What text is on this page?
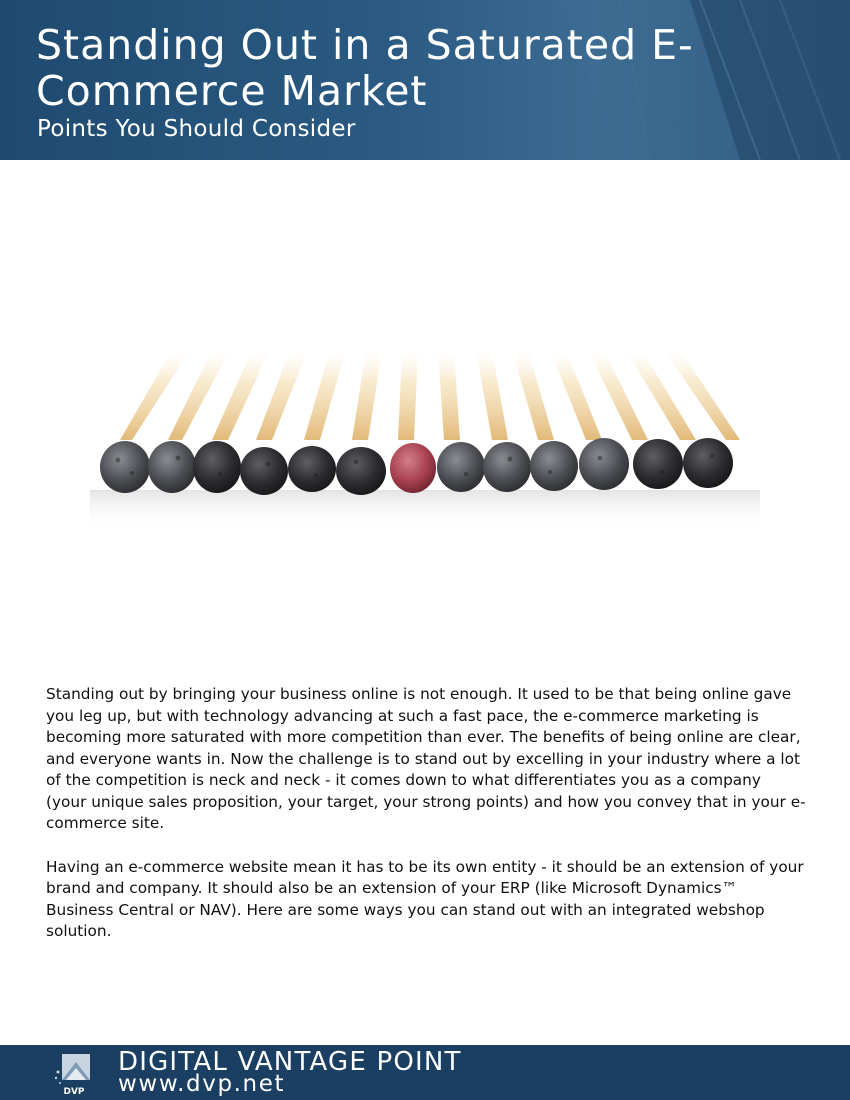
Standing Out in a Saturated E-Commerce Market
Points You Should Consider

Standing out by bringing your business online is not enough. It used to be that being online gave you leg up, but with technology advancing at such a fast pace, the e-commerce marketing is becoming more saturated with more competition than ever. The benefits of being online are clear, and everyone wants in. Now the challenge is to stand out by excelling in your industry where a lot of the competition is neck and neck - it comes down to what differentiates you as a company (your unique sales proposition, your target, your strong points) and how you convey that in your e-commerce site.

Having an e-commerce website mean it has to be its own entity - it should be an extension of your brand and company. It should also be an extension of your ERP (like Microsoft Dynamics™ Business Central or NAV). Here are some ways you can stand out with an integrated webshop solution.

DVP
DIGITAL VANTAGE POINT
www.dvp.net
